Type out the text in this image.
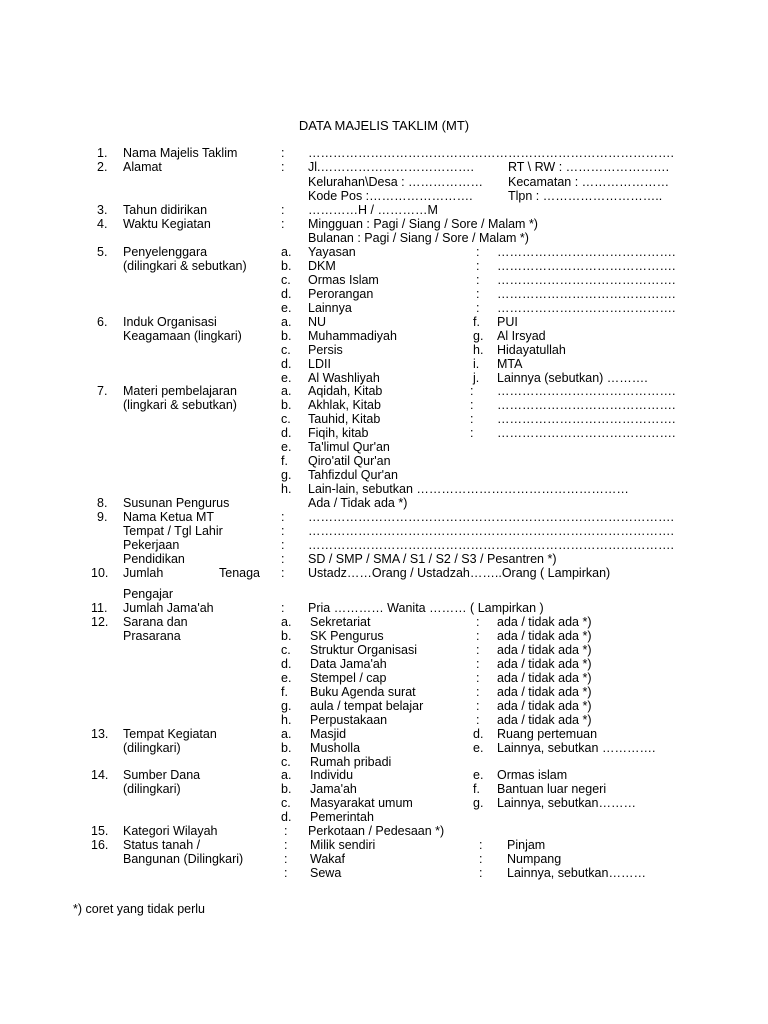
DATA MAJELIS TAKLIM (MT)
1. Nama Majelis Taklim	: …………………………………………………………………………….
2. Alamat	: Jl.……………………………….	RT \ RW : …………………….
Kelurahan\Desa : ……………… Kecamatan : …………………
Kode Pos :…………………….	Tlpn : ………………………..
3. Tahun didirikan	: …………H / …………M
4. Waktu Kegiatan	: Mingguan : Pagi / Siang / Sore / Malam *)
Bulanan : Pagi / Siang / Sore / Malam *)
5. Penyelenggara	a. Yayasan	: …………………………………….
(dilingkari & sebutkan)	b. DKM	: …………………………………….
c. Ormas Islam	: …………………………………….
d. Perorangan	: …………………………………….
e. Lainnya	: …………………………………….
6. Induk Organisasi	a. NU	f. PUI
Keagamaan (lingkari)	b. Muhammadiyah	g. Al Irsyad
c. Persis	h. Hidayatullah
d. LDII	i. MTA
e. Al Washliyah	j. Lainnya (sebutkan) ……….
7. Materi pembelajaran	a. Aqidah, Kitab	: …………………………………….
(lingkari & sebutkan)	b. Akhlak, Kitab	: …………………………………….
c. Tauhid, Kitab	: …………………………………….
d. Fiqih, kitab	: …………………………………….
e. Ta'limul Qur'an
f. Qiro'atil Qur'an
g. Tahfizdul Qur'an
h. Lain-lain, sebutkan ……………………………………………
8. Susunan Pengurus	Ada / Tidak ada *)
9. Nama Ketua MT	: …………………………………………………………………………….
Tempat / Tgl Lahir	: …………………………………………………………………………….
Pekerjaan	: …………………………………………………………………………….
Pendidikan	: SD / SMP / SMA / S1 / S2 / S3 / Pesantren *)
10. Jumlah	Tenaga : Ustadz……Orang / Ustadzah……..Orang ( Lampirkan)
Pengajar
11. Jumlah Jama'ah	: Pria ………… Wanita ……… ( Lampirkan )
12. Sarana dan	a. Sekretariat	: ada / tidak ada *)
Prasarana	b. SK Pengurus	: ada / tidak ada *)
c. Struktur Organisasi	: ada / tidak ada *)
d. Data Jama'ah	: ada / tidak ada *)
e. Stempel / cap	: ada / tidak ada *)
f. Buku Agenda surat	: ada / tidak ada *)
g. aula / tempat belajar	: ada / tidak ada *)
h. Perpustakaan	: ada / tidak ada *)
13. Tempat Kegiatan	a. Masjid	d. Ruang pertemuan
(dilingkari)	b. Musholla	e. Lainnya, sebutkan ………….
c. Rumah pribadi
14. Sumber Dana	a. Individu	e. Ormas islam
(dilingkari)	b. Jama'ah	f. Bantuan luar negeri
c. Masyarakat umum	g. Lainnya, sebutkan………
d. Pemerintah
15. Kategori Wilayah	: Perkotaan / Pedesaan *)
16. Status tanah /	: Milik sendiri	: Pinjam
Bangunan (Dilingkari)	: Wakaf	: Numpang
: Sewa	: Lainnya, sebutkan………
*) coret yang tidak perlu
